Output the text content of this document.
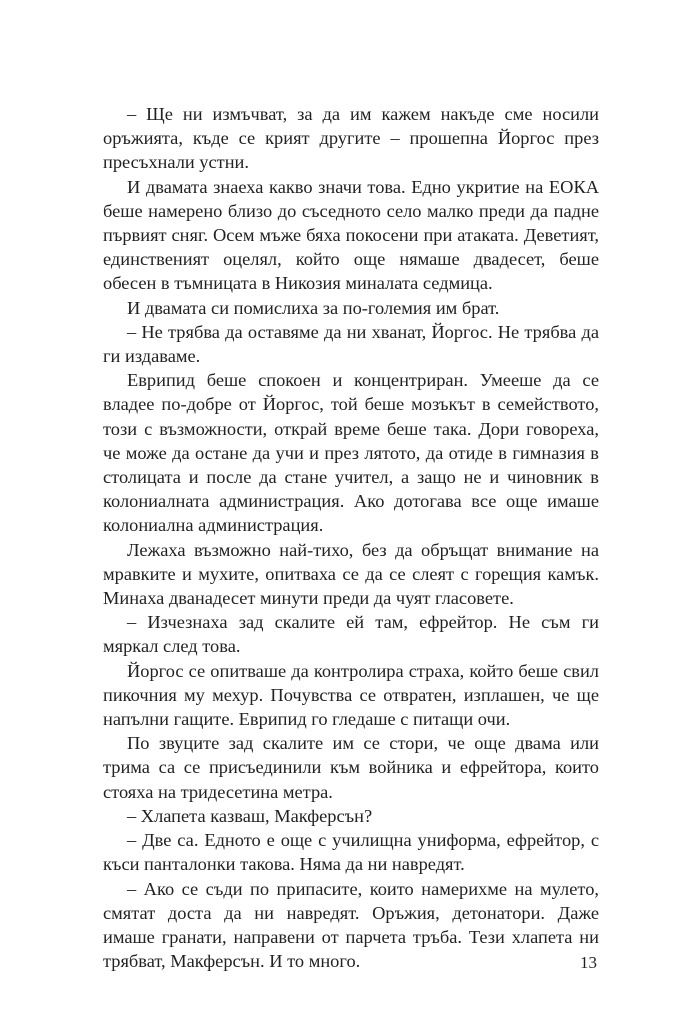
– Ще ни измъчват, за да им кажем накъде сме носили оръжията, къде се крият другите – прошепна Йоргос през пресъхнали устни.

И двамата знаеха какво значи това. Едно укритие на ЕОКА беше намерено близо до съседното село малко преди да падне първият сняг. Осем мъже бяха покосени при атаката. Деветият, единственият оцелял, който още нямаше двадесет, беше обесен в тъмницата в Никозия миналата седмица.

И двамата си помислиха за по-големия им брат.

– Не трябва да оставяме да ни хванат, Йоргос. Не трябва да ги издаваме.

Еврипид беше спокоен и концентриран. Умееше да се владее по-добре от Йоргос, той беше мозъкът в семейството, този с възможности, открай време беше така. Дори говореха, че може да остане да учи и през лятото, да отиде в гимназия в столицата и после да стане учител, а защо не и чиновник в колониалната администрация. Ако дотогава все още имаше колониална администрация.

Лежаха възможно най-тихо, без да обръщат внимание на мравките и мухите, опитваха се да се слеят с горещия камък. Минаха дванадесет минути преди да чуят гласовете.

– Изчезнаха зад скалите ей там, ефрейтор. Не съм ги мяркал след това.

Йоргос се опитваше да контролира страха, който беше свил пикочния му мехур. Почувства се отвратен, изплашен, че ще напълни гащите. Еврипид го гледаше с питащи очи.

По звуците зад скалите им се стори, че още двама или трима са се присъединили към войника и ефрейтора, които стояха на тридесетина метра.

– Хлапета казваш, Макферсън?

– Две са. Едното е още с училищна униформа, ефрейтор, с къси панталонки такова. Няма да ни навредят.

– Ако се съди по припасите, които намерихме на мулето, смятат доста да ни навредят. Оръжия, детонатори. Даже имаше гранати, направени от парчета тръба. Тези хлапета ни трябват, Макферсън. И то много.	13
